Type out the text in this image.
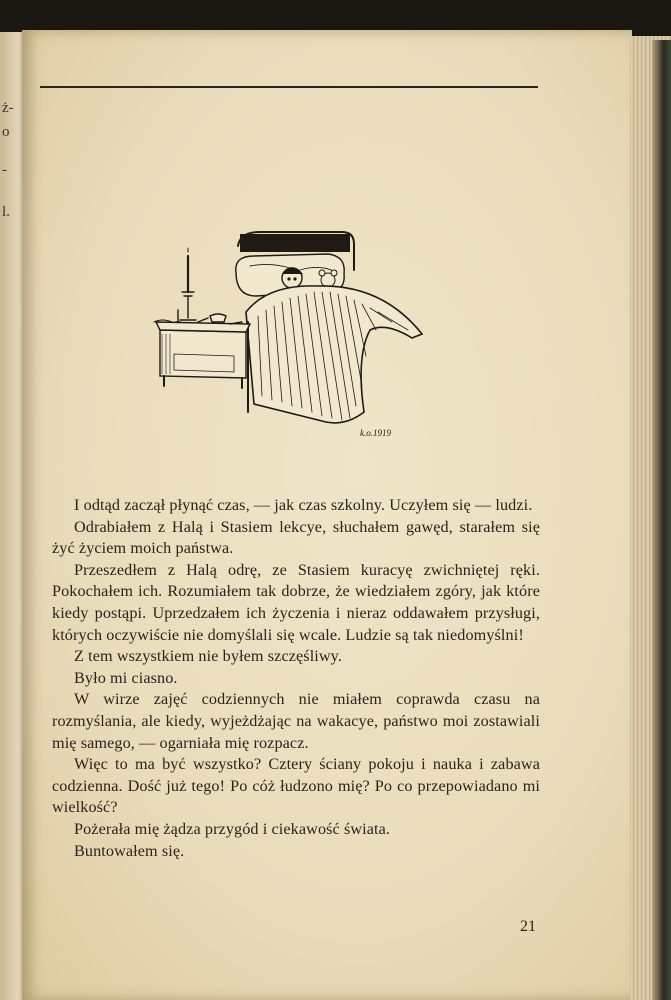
ż-
o
-
l.
k.o.1919

I odtąd zaczął płynąć czas, — jak czas szkolny. Uczyłem się — ludzi.

Odrabiałem z Halą i Stasiem lekcye, słuchałem gawęd, starałem się żyć życiem moich państwa.

Przeszedłem z Halą odrę, ze Stasiem kuracyę zwichniętej ręki. Pokochałem ich. Rozumiałem tak dobrze, że wiedziałem zgóry, jak które kiedy postąpi. Uprzedzałem ich życzenia i nieraz oddawałem przysługi, których oczywiście nie domyślali się wcale. Ludzie są tak niedomyślni!

Z tem wszystkiem nie byłem szczęśliwy.

Było mi ciasno.

W wirze zajęć codziennych nie miałem coprawda czasu na rozmyślania, ale kiedy, wyjeżdżając na wakacye, państwo moi zostawiali mię samego, — ogarniała mię rozpacz.

Więc to ma być wszystko? Cztery ściany pokoju i nauka i zabawa codzienna. Dość już tego! Po cóż łudzono mię? Po co przepowiadano mi wielkość?

Pożerała mię żądza przygód i ciekawość świata.

Buntowałem się.

21
